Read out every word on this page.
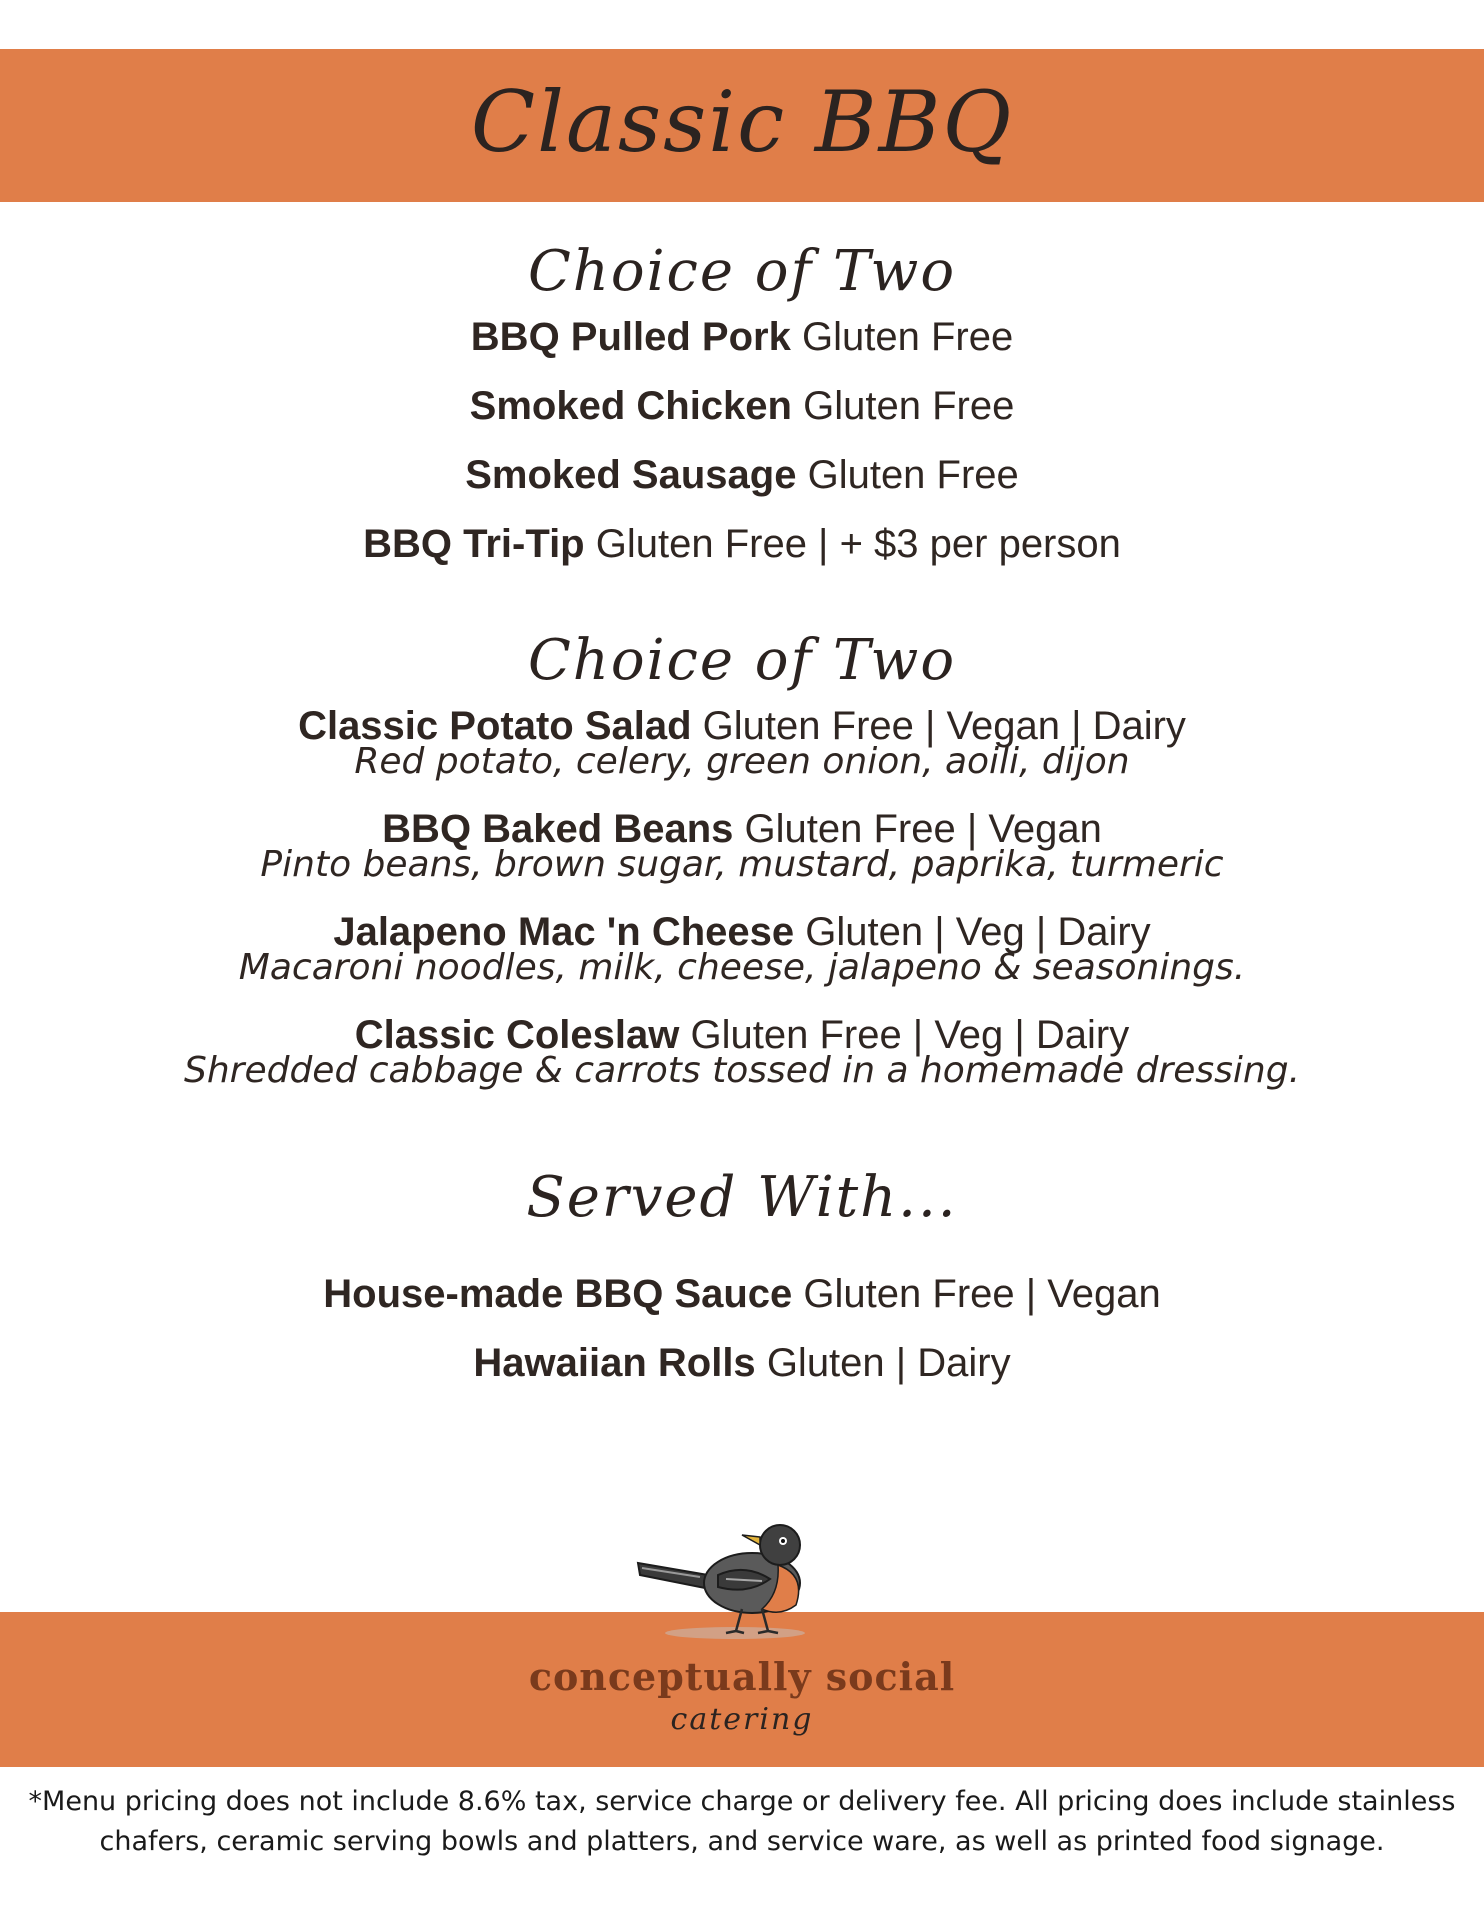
Classic BBQ
Choice of Two
BBQ Pulled Pork Gluten Free
Smoked Chicken Gluten Free
Smoked Sausage Gluten Free
BBQ Tri-Tip Gluten Free | + $3 per person
Choice of Two
Classic Potato Salad Gluten Free | Vegan | Dairy
Red potato, celery, green onion, aoili, dijon
BBQ Baked Beans Gluten Free | Vegan
Pinto beans, brown sugar, mustard, paprika, turmeric
Jalapeno Mac 'n Cheese Gluten | Veg | Dairy
Macaroni noodles, milk, cheese, jalapeno & seasonings.
Classic Coleslaw Gluten Free | Veg | Dairy
Shredded cabbage & carrots tossed in a homemade dressing.
Served With...
House-made BBQ Sauce Gluten Free | Vegan
Hawaiian Rolls Gluten | Dairy
conceptually social
catering
*Menu pricing does not include 8.6% tax, service charge or delivery fee. All pricing does include stainless
chafers, ceramic serving bowls and platters, and service ware, as well as printed food signage.
